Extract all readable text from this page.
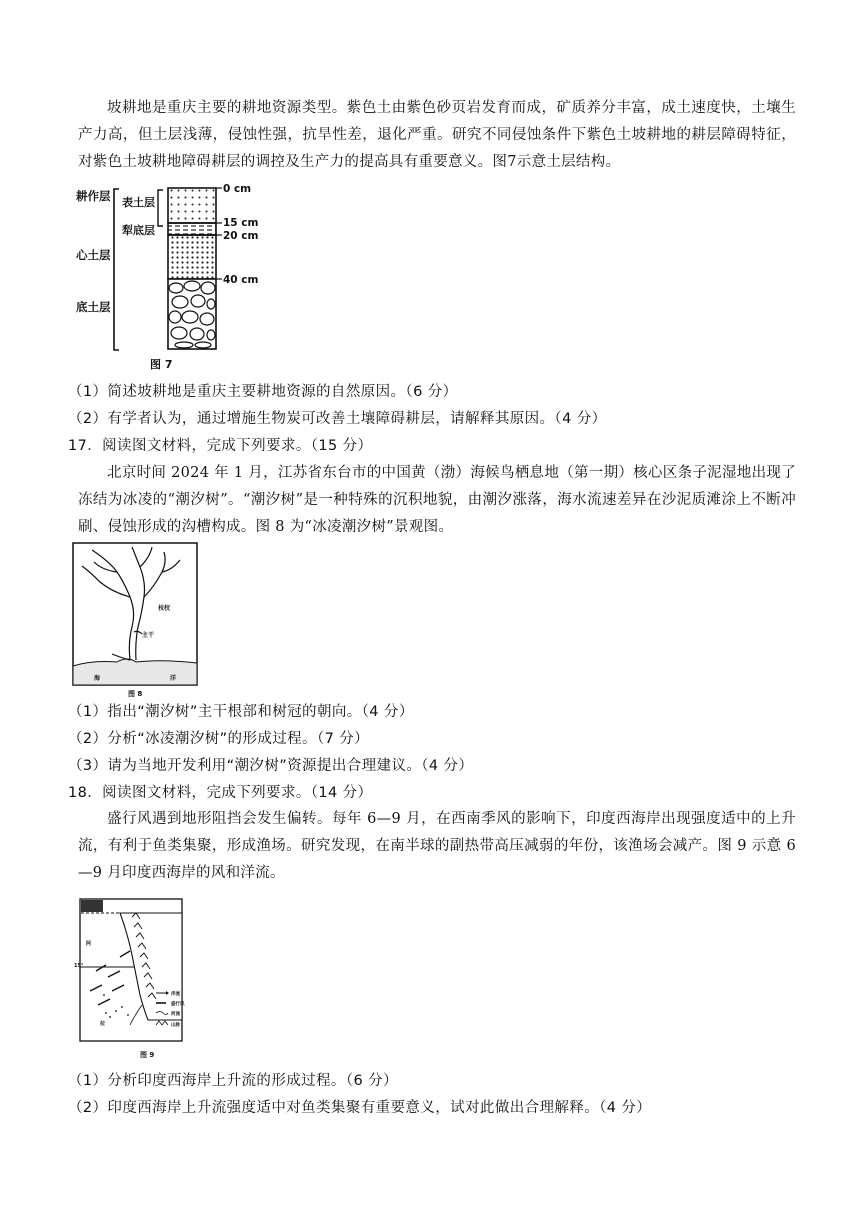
坡耕地是重庆主要的耕地资源类型。紫色土由紫色砂页岩发育而成，矿质养分丰富，成土速度快，土壤生产力高，但土层浅薄，侵蚀性强，抗旱性差，退化严重。研究不同侵蚀条件下紫色土坡耕地的耕层障碍特征，对紫色土坡耕地障碍耕层的调控及生产力的提高具有重要意义。图7示意土层结构。
耕作层
心土层
底土层
表土层
犁底层
0 cm
15 cm
20 cm
40 cm
图 7
（1）简述坡耕地是重庆主要耕地资源的自然原因。（6 分）
（2）有学者认为，通过增施生物炭可改善土壤障碍耕层，请解释其原因。（4 分）
17．阅读图文材料，完成下列要求。（15 分）
北京时间 2024 年 1 月，江苏省东台市的中国黄（渤）海候鸟栖息地（第一期）核心区条子泥湿地出现了冻结为冰凌的“潮汐树”。“潮汐树”是一种特殊的沉积地貌，由潮汐涨落，海水流速差异在沙泥质滩涂上不断冲刷、侵蚀形成的沟槽构成。图 8 为“冰凌潮汐树”景观图。
枝杈
主干
海	洋
图 8
（1）指出“潮汐树”主干根部和树冠的朝向。（4 分）
（2）分析“冰凌潮汐树”的形成过程。（7 分）
（3）请为当地开发利用“潮汐树”资源提出合理建议。（4 分）
18．阅读图文材料，完成下列要求。（14 分）
盛行风遇到地形阻挡会发生偏转。每年 6—9 月，在西南季风的影响下，印度西海岸出现强度适中的上升流，有利于鱼类集聚，形成渔场。研究发现，在南半球的副热带高压减弱的年份，该渔场会减产。图 9 示意 6—9 月印度西海岸的风和洋流。
15°
阿
拉
洋流
盛行风
河流
山脉
图 9
（1）分析印度西海岸上升流的形成过程。（6 分）
（2）印度西海岸上升流强度适中对鱼类集聚有重要意义，试对此做出合理解释。（4 分）
